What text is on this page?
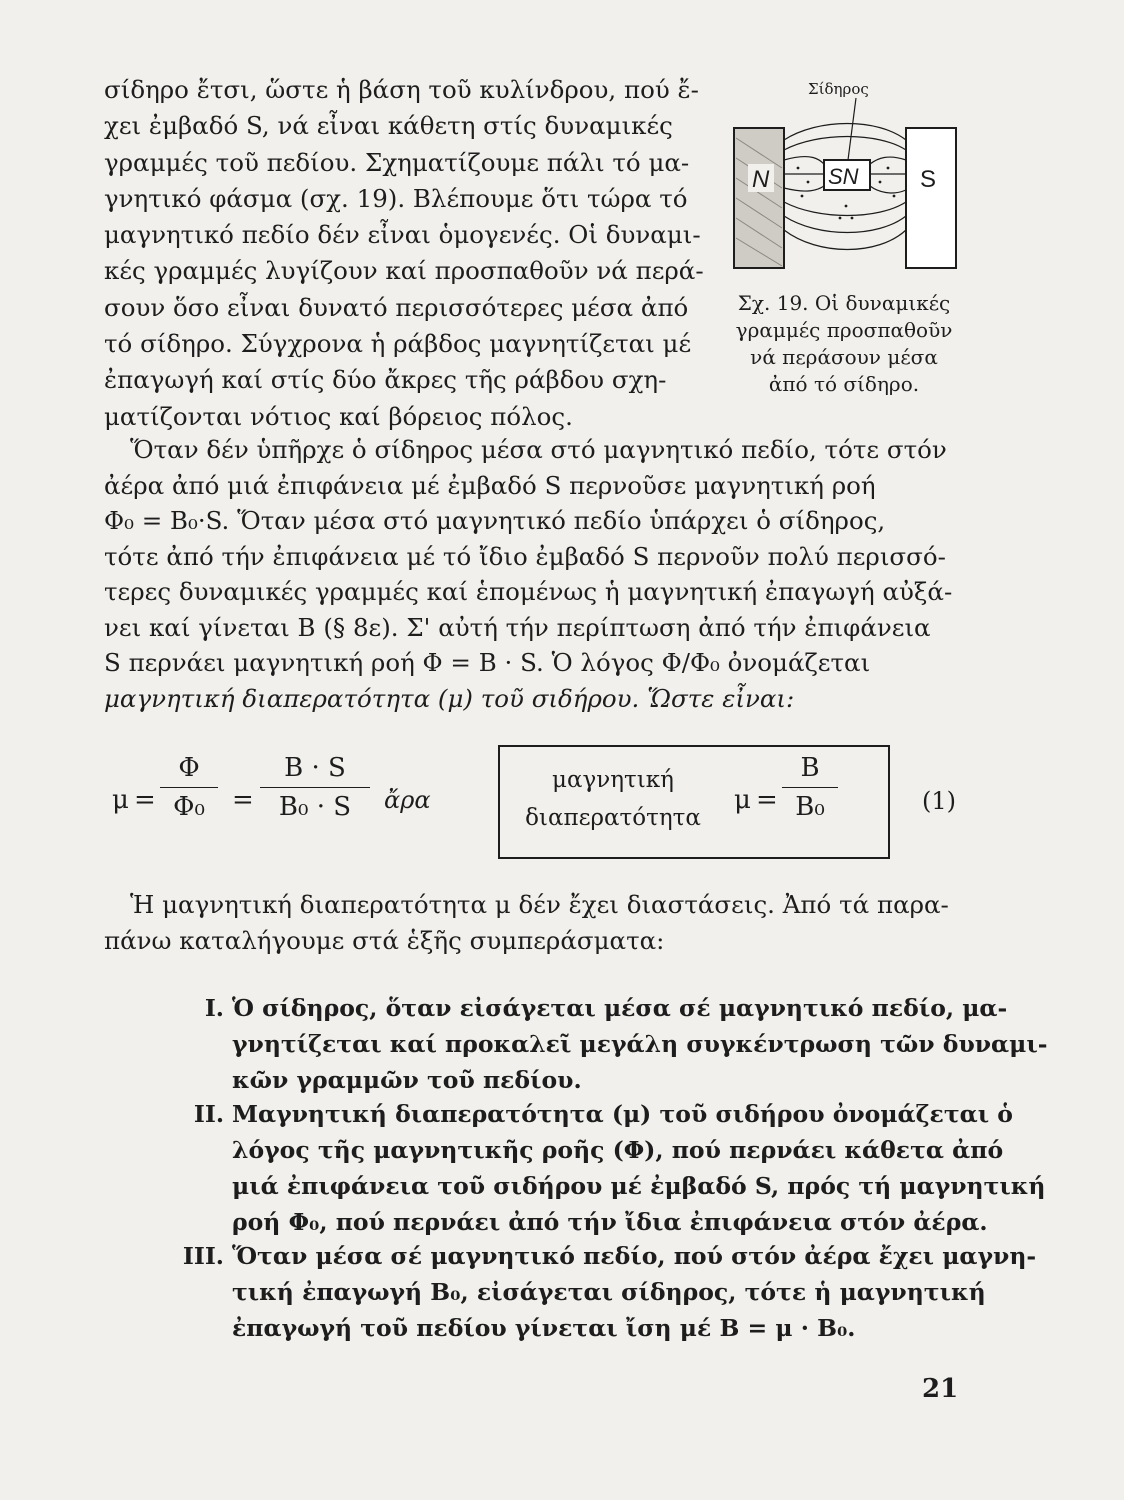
σίδηρο ἔτσι, ὥστε ἡ βάση τοῦ κυλίνδρου, πού ἔ-
χει ἐμβαδό S, νά εἶναι κάθετη στίς δυναμικές
γραμμές τοῦ πεδίου. Σχηματίζουμε πάλι τό μα-
γνητικό φάσμα (σχ. 19). Βλέπουμε ὅτι τώρα τό
μαγνητικό πεδίο δέν εἶναι ὁμογενές. Οἱ δυναμι-
κές γραμμές λυγίζουν καί προσπαθοῦν νά περά-
σουν ὅσο εἶναι δυνατό περισσότερες μέσα ἀπό
τό σίδηρο. Σύγχρονα ἡ ράβδος μαγνητίζεται μέ
ἐπαγωγή καί στίς δύο ἄκρες τῆς ράβδου σχη-
ματίζονται νότιος καί βόρειος πόλος.
N	S
SN
Σίδηρος
Σχ. 19. Οἱ δυναμικές
γραμμές προσπαθοῦν
νά περάσουν μέσα
ἀπό τό σίδηρο.
Ὅταν δέν ὑπῆρχε ὁ σίδηρος μέσα στό μαγνητικό πεδίο, τότε στόν
ἀέρα ἀπό μιά ἐπιφάνεια μέ ἐμβαδό S περνοῦσε μαγνητική ροή
Φ₀ = B₀·S. Ὅταν μέσα στό μαγνητικό πεδίο ὑπάρχει ὁ σίδηρος,
τότε ἀπό τήν ἐπιφάνεια μέ τό ἴδιο ἐμβαδό S περνοῦν πολύ περισσό-
τερες δυναμικές γραμμές καί ἑπομένως ἡ μαγνητική ἐπαγωγή αὐξά-
νει καί γίνεται B (§ 8ε). Σ' αὐτή τήν περίπτωση ἀπό τήν ἐπιφάνεια
S περνάει μαγνητική ροή Φ = B · S. Ὁ λόγος Φ/Φ₀ ὀνομάζεται
μαγνητική διαπερατότητα (μ) τοῦ σιδήρου. Ὥστε εἶναι:
μ =
Φ
Φ₀	=
B · S
B₀ · S	ἄρα
μαγνητική
διαπερατότητα
μ =
B
B₀	(1)
Ἡ μαγνητική διαπερατότητα μ δέν ἔχει διαστάσεις. Ἀπό τά παρα-
πάνω καταλήγουμε στά ἑξῆς συμπεράσματα:
I. Ὁ σίδηρος, ὅταν εἰσάγεται μέσα σέ μαγνητικό πεδίο, μα-
γνητίζεται καί προκαλεῖ μεγάλη συγκέντρωση τῶν δυναμι-
κῶν γραμμῶν τοῦ πεδίου.
II. Μαγνητική διαπερατότητα (μ) τοῦ σιδήρου ὀνομάζεται ὁ
λόγος τῆς μαγνητικῆς ροῆς (Φ), πού περνάει κάθετα ἀπό
μιά ἐπιφάνεια τοῦ σιδήρου μέ ἐμβαδό S, πρός τή μαγνητική
ροή Φ₀, πού περνάει ἀπό τήν ἴδια ἐπιφάνεια στόν ἀέρα.
III. Ὅταν μέσα σέ μαγνητικό πεδίο, πού στόν ἀέρα ἔχει μαγνη-
τική ἐπαγωγή B₀, εἰσάγεται σίδηρος, τότε ἡ μαγνητική
ἐπαγωγή τοῦ πεδίου γίνεται ἴση μέ B = μ · B₀.
21
